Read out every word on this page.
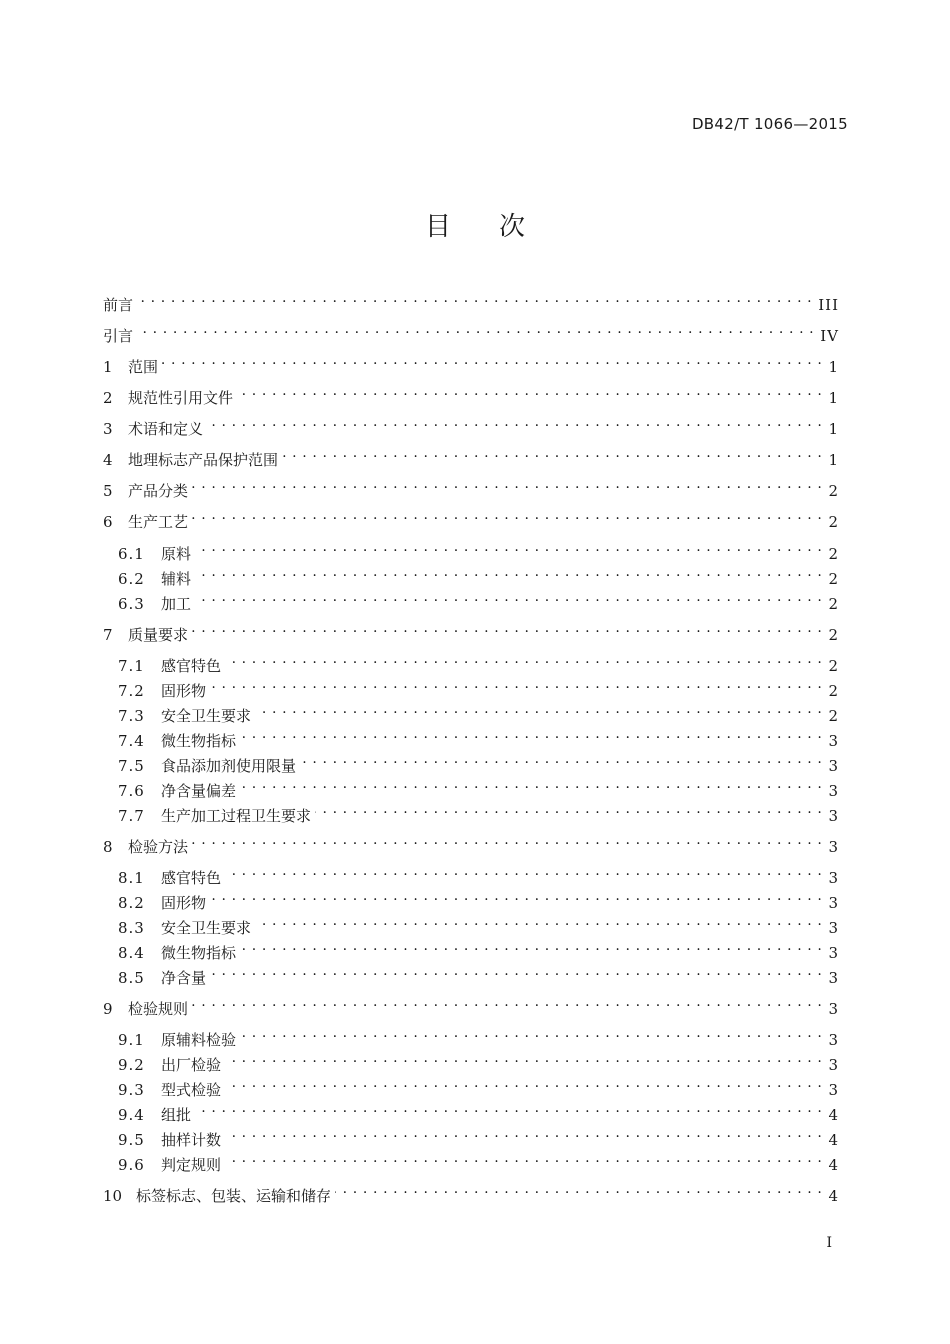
DB42/T 1066—2015
目次
前言 . . .	III
引言 . . .	IV
1	范围 . . .	1
2	规范性引用文件 . . .	1
3	术语和定义 . . .	1
4	地理标志产品保护范围 . . .	1
5	产品分类 . . .	2
6	生产工艺 . . .	2
6.1	原料 . . .	2
6.2	辅料 . . .	2
6.3	加工 . . .	2
7	质量要求 . . .	2
7.1	感官特色 . . .	2
7.2	固形物 . . .	2
7.3	安全卫生要求 . . .	2
7.4	微生物指标 . . .	3
7.5	食品添加剂使用限量 . . .	3
7.6	净含量偏差 . . .	3
7.7	生产加工过程卫生要求 . . .	3
8	检验方法 . . .	3
8.1	感官特色 . . .	3
8.2	固形物 . . .	3
8.3	安全卫生要求 . . .	3
8.4	微生物指标 . . .	3
8.5	净含量 . . .	3
9	检验规则 . . .	3
9.1	原辅料检验 . . .	3
9.2	出厂检验 . . .	3
9.3	型式检验 . . .	3
9.4	组批 . . .	4
9.5	抽样计数 . . .	4
9.6	判定规则 . . .	4
10 标签标志、包装、运输和储存 . . .	4
I
